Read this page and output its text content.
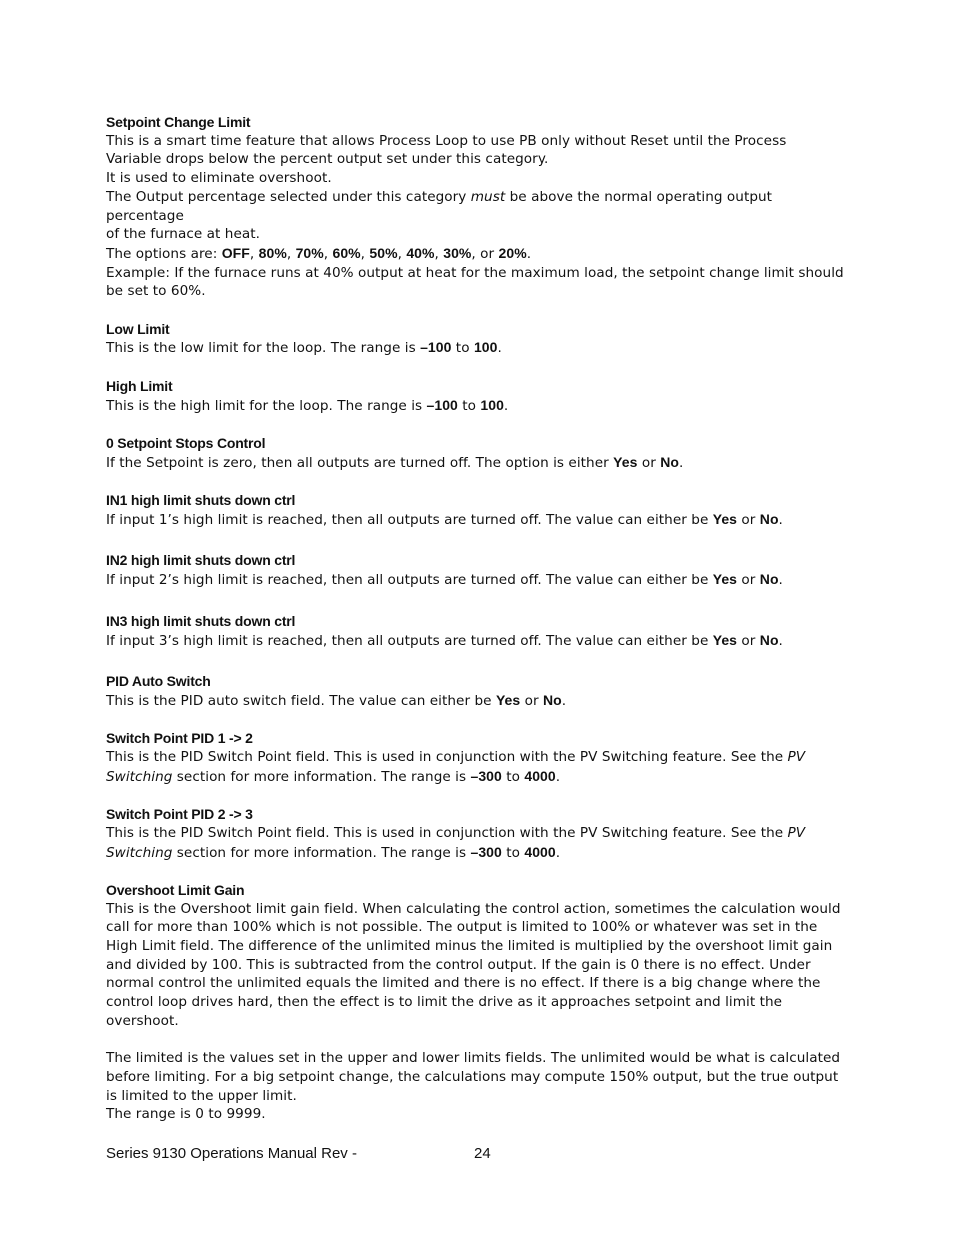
Setpoint Change Limit
This is a smart time feature that allows Process Loop to use PB only without Reset until the Process
Variable drops below the percent output set under this category.
It is used to eliminate overshoot.
The Output percentage selected under this category must be above the normal operating output percentage
of the furnace at heat.
The options are: OFF, 80%, 70%, 60%, 50%, 40%, 30%, or 20%.
Example: If the furnace runs at 40% output at heat for the maximum load, the setpoint change limit should
be set to 60%.
Low Limit
This is the low limit for the loop. The range is –100 to 100.
High Limit
This is the high limit for the loop. The range is –100 to 100.
0 Setpoint Stops Control
If the Setpoint is zero, then all outputs are turned off. The option is either Yes or No.
IN1 high limit shuts down ctrl
If input 1’s high limit is reached, then all outputs are turned off. The value can either be Yes or No.
IN2 high limit shuts down ctrl
If input 2’s high limit is reached, then all outputs are turned off. The value can either be Yes or No.
IN3 high limit shuts down ctrl
If input 3’s high limit is reached, then all outputs are turned off. The value can either be Yes or No.
PID Auto Switch
This is the PID auto switch field. The value can either be Yes or No.
Switch Point PID 1 -> 2
This is the PID Switch Point field. This is used in conjunction with the PV Switching feature. See the PV
Switching section for more information. The range is –300 to 4000.
Switch Point PID 2 -> 3
This is the PID Switch Point field. This is used in conjunction with the PV Switching feature. See the PV
Switching section for more information. The range is –300 to 4000.
Overshoot Limit Gain
This is the Overshoot limit gain field. When calculating the control action, sometimes the calculation would
call for more than 100% which is not possible. The output is limited to 100% or whatever was set in the
High Limit field. The difference of the unlimited minus the limited is multiplied by the overshoot limit gain
and divided by 100. This is subtracted from the control output. If the gain is 0 there is no effect. Under
normal control the unlimited equals the limited and there is no effect. If there is a big change where the
control loop drives hard, then the effect is to limit the drive as it approaches setpoint and limit the
overshoot.
The limited is the values set in the upper and lower limits fields. The unlimited would be what is calculated
before limiting. For a big setpoint change, the calculations may compute 150% output, but the true output
is limited to the upper limit.
The range is 0 to 9999.
Series 9130 Operations Manual Rev -	24
